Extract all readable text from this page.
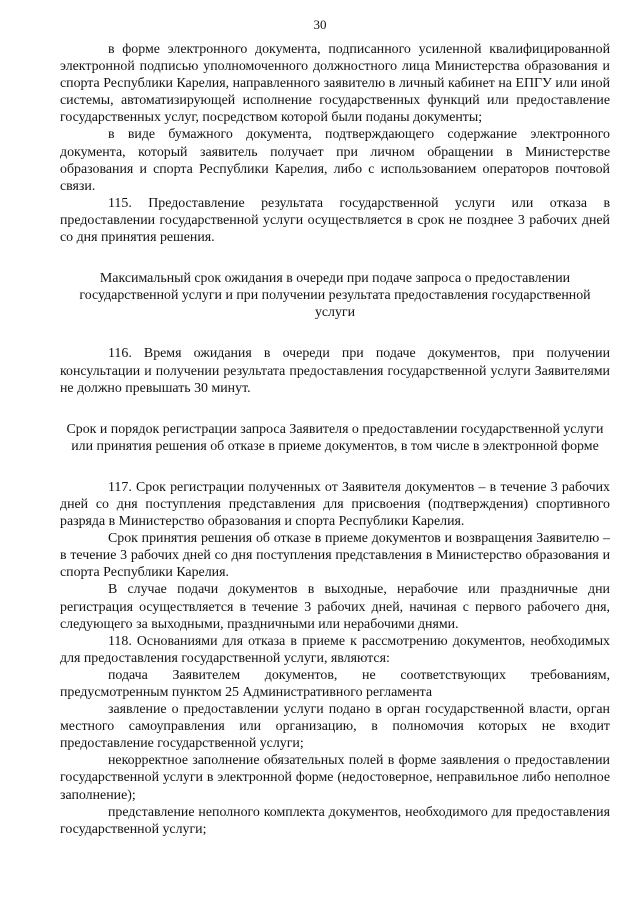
30

в форме электронного документа, подписанного усиленной квалифицированной электронной подписью уполномоченного должностного лица Министерства образования и спорта Республики Карелия, направленного заявителю в личный кабинет на ЕПГУ или иной системы, автоматизирующей исполнение государственных функций или предоставление государственных услуг, посредством которой были поданы документы;

в виде бумажного документа, подтверждающего содержание электронного документа, который заявитель получает при личном обращении в Министерстве образования и спорта Республики Карелия, либо с использованием операторов почтовой связи.

115. Предоставление результата государственной услуги или отказа в предоставлении государственной услуги осуществляется в срок не позднее 3 рабочих дней со дня принятия решения.

Максимальный срок ожидания в очереди при подаче запроса о предоставлении государственной услуги и при получении результата предоставления государственной услуги

116. Время ожидания в очереди при подаче документов, при получении консультации и получении результата предоставления государственной услуги Заявителями не должно превышать 30 минут.

Срок и порядок регистрации запроса Заявителя о предоставлении государственной услуги или принятия решения об отказе в приеме документов, в том числе в электронной форме

117. Срок регистрации полученных от Заявителя документов – в течение 3 рабочих дней со дня поступления представления для присвоения (подтверждения) спортивного разряда в Министерство образования и спорта Республики Карелия.

Срок принятия решения об отказе в приеме документов и возвращения Заявителю – в течение 3 рабочих дней со дня поступления представления в Министерство образования и спорта Республики Карелия.

В случае подачи документов в выходные, нерабочие или праздничные дни регистрация осуществляется в течение 3 рабочих дней, начиная с первого рабочего дня, следующего за выходными, праздничными или нерабочими днями.

118. Основаниями для отказа в приеме к рассмотрению документов, необходимых для предоставления государственной услуги, являются:

подача Заявителем документов, не соответствующих требованиям, предусмотренным пунктом 25 Административного регламента

заявление о предоставлении услуги подано в орган государственной власти, орган местного самоуправления или организацию, в полномочия которых не входит предоставление государственной услуги;

некорректное заполнение обязательных полей в форме заявления о предоставлении государственной услуги в электронной форме (недостоверное, неправильное либо неполное заполнение);

представление неполного комплекта документов, необходимого для предоставления государственной услуги;
